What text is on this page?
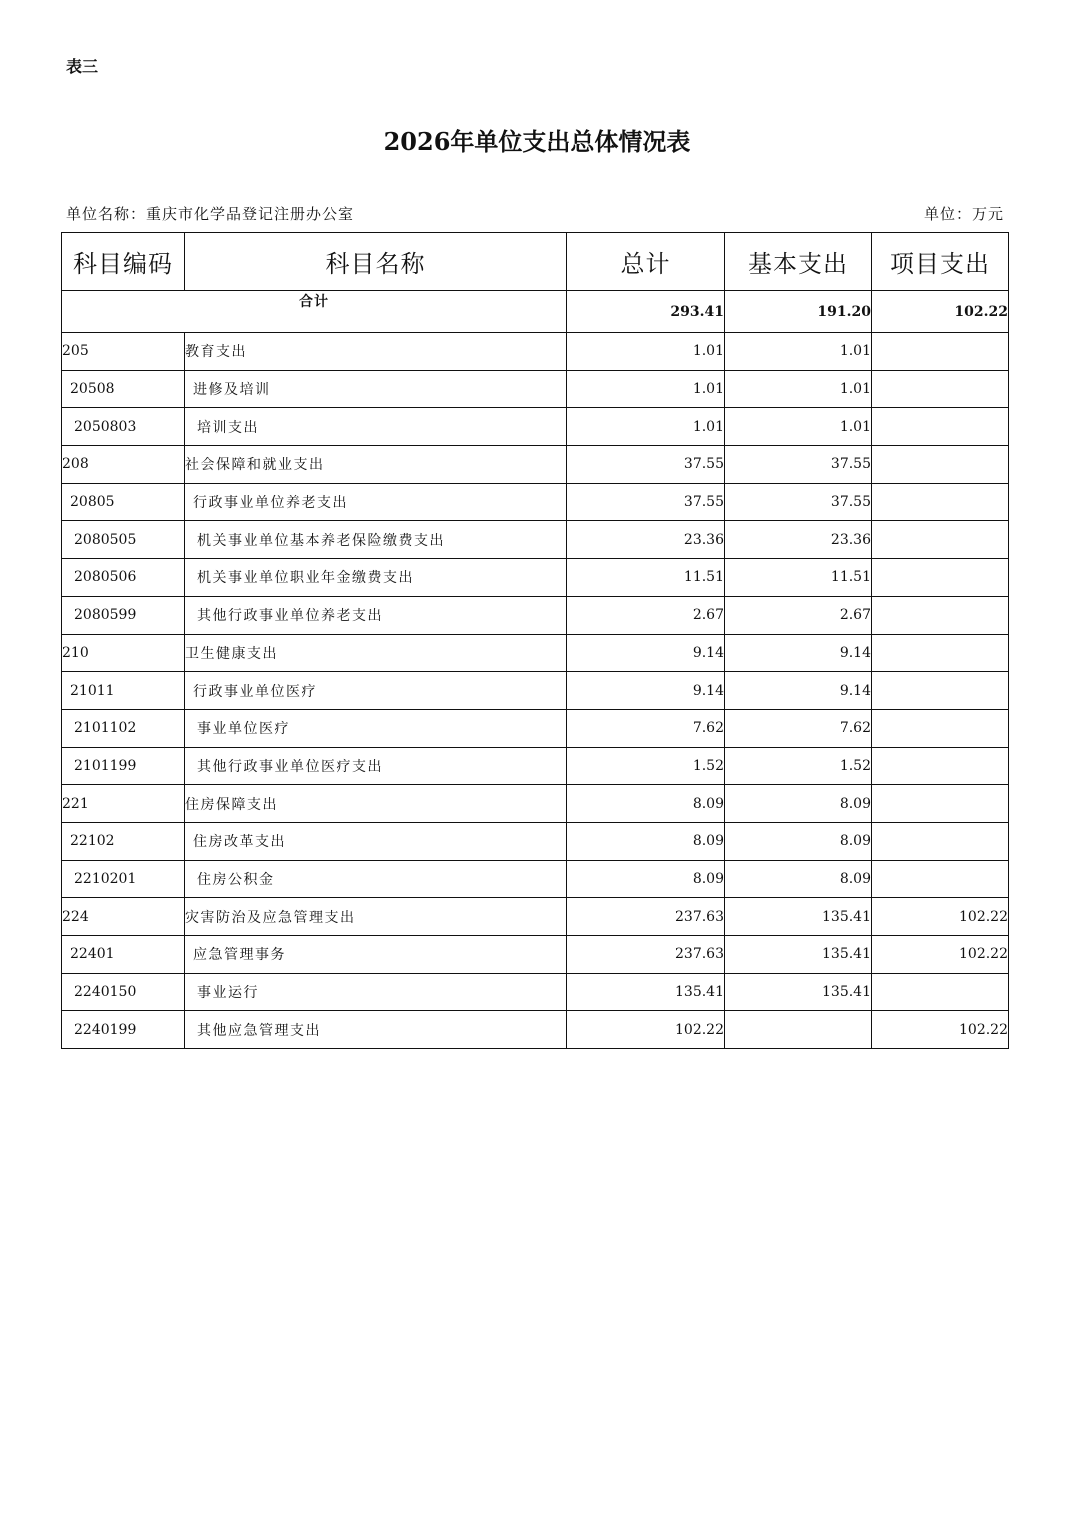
表三
2026年单位支出总体情况表
单位名称：重庆市化学品登记注册办公室	单位：万元
科目编码	科目名称	总计	基本支出	项目支出
合计		293.41	191.20	102.22
205	教育支出	1.01	1.01	
20508	进修及培训	1.01	1.01	
2050803	培训支出	1.01	1.01	
208	社会保障和就业支出	37.55	37.55	
20805	行政事业单位养老支出	37.55	37.55	
2080505	机关事业单位基本养老保险缴费支出	23.36	23.36	
2080506	机关事业单位职业年金缴费支出	11.51	11.51	
2080599	其他行政事业单位养老支出	2.67	2.67	
210	卫生健康支出	9.14	9.14	
21011	行政事业单位医疗	9.14	9.14	
2101102	事业单位医疗	7.62	7.62	
2101199	其他行政事业单位医疗支出	1.52	1.52	
221	住房保障支出	8.09	8.09	
22102	住房改革支出	8.09	8.09	
2210201	住房公积金	8.09	8.09	
224	灾害防治及应急管理支出	237.63	135.41	102.22
22401	应急管理事务	237.63	135.41	102.22
2240150	事业运行	135.41	135.41	
2240199	其他应急管理支出	102.22		102.22
